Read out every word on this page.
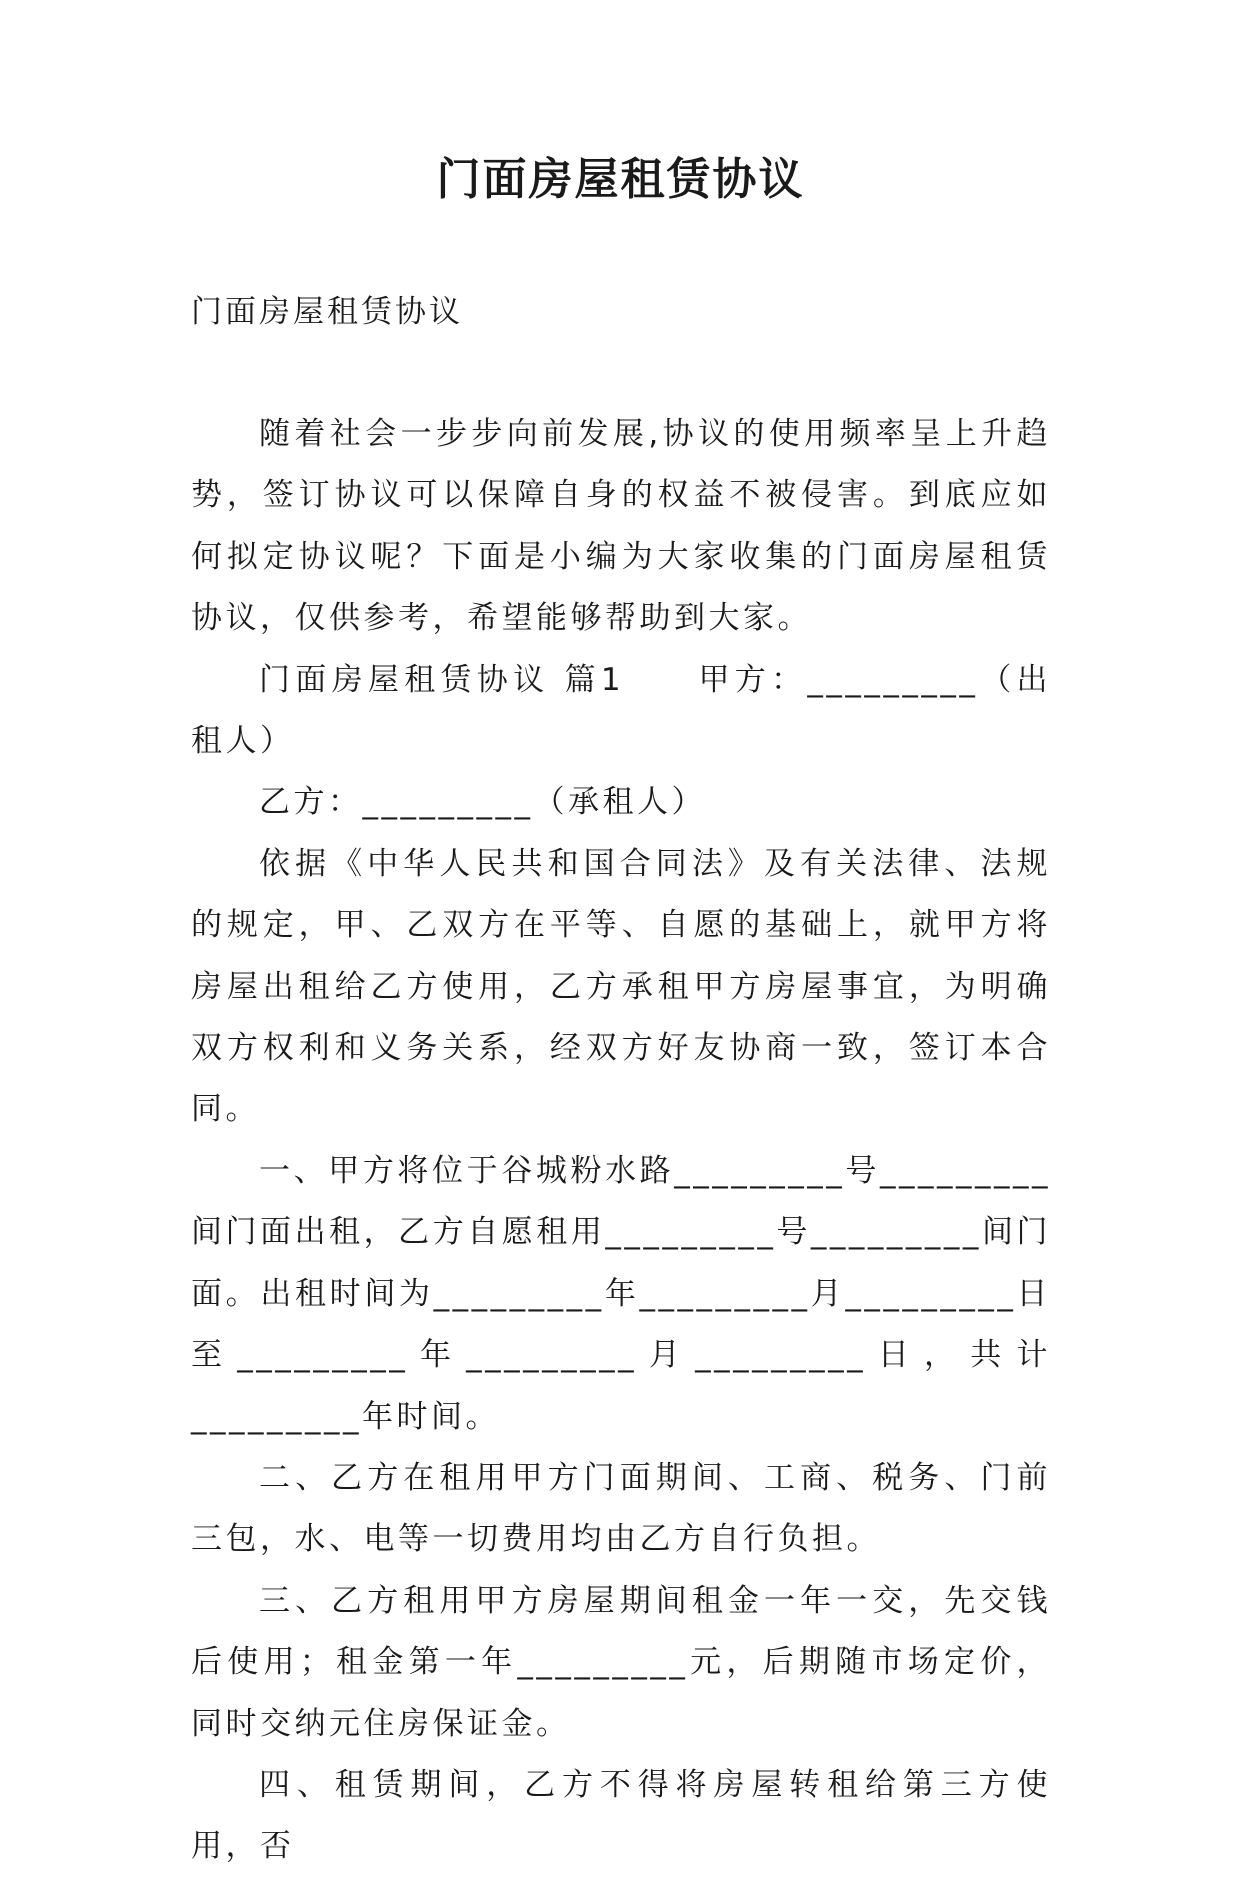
门面房屋租赁协议
门面房屋租赁协议

随着社会一步步向前发展,协议的使用频率呈上升趋势，签订协议可以保障自身的权益不被侵害。到底应如何拟定协议呢？下面是小编为大家收集的门面房屋租赁协议，仅供参考，希望能够帮助到大家。

门面房屋租赁协议 篇1　　甲方：_________（出租人）

乙方：_________（承租人）

依据《中华人民共和国合同法》及有关法律、法规的规定，甲、乙双方在平等、自愿的基础上，就甲方将房屋出租给乙方使用，乙方承租甲方房屋事宜，为明确双方权利和义务关系，经双方好友协商一致，签订本合同。

一、甲方将位于谷城粉水路_________号_________间门面出租，乙方自愿租用_________号_________间门面。出租时间为_________年_________月_________日至_________年_________月_________日，共计_________年时间。

二、乙方在租用甲方门面期间、工商、税务、门前三包，水、电等一切费用均由乙方自行负担。

三、乙方租用甲方房屋期间租金一年一交，先交钱后使用；租金第一年_________元，后期随市场定价，同时交纳元住房保证金。

四、租赁期间，乙方不得将房屋转租给第三方使用，否
